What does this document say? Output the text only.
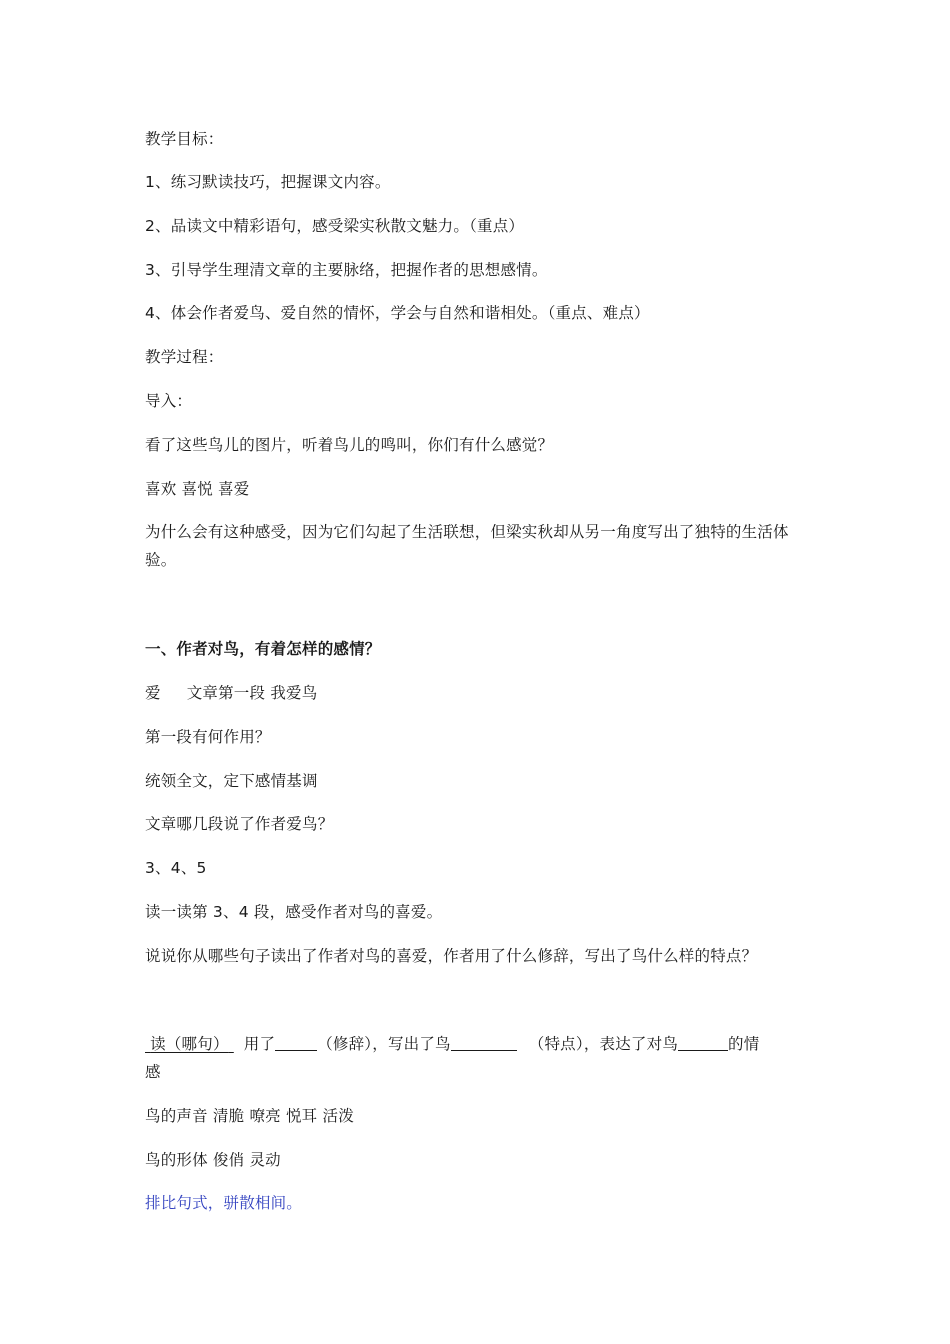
教学目标：
1、练习默读技巧，把握课文内容。
2、品读文中精彩语句，感受梁实秋散文魅力。（重点）
3、引导学生理清文章的主要脉络，把握作者的思想感情。
4、体会作者爱鸟、爱自然的情怀，学会与自然和谐相处。（重点、难点）
教学过程：
导入：
看了这些鸟儿的图片，听着鸟儿的鸣叫，你们有什么感觉？
喜欢 喜悦 喜爱
为什么会有这种感受，因为它们勾起了生活联想，但梁实秋却从另一角度写出了独特的生活体验。
一、作者对鸟，有着怎样的感情？
爱 文章第一段 我爱鸟
第一段有何作用？
统领全文，定下感情基调
文章哪几段说了作者爱鸟？
3、4、5
读一读第 3、4 段，感受作者对鸟的喜爱。
说说你从哪些句子读出了作者对鸟的喜爱，作者用了什么修辞，写出了鸟什么样的特点？
读（哪句） 用了	（修辞），写出了鸟	（特点），表达了对鸟	的情
感
鸟的声音 清脆 嘹亮 悦耳 活泼
鸟的形体 俊俏 灵动
排比句式，骈散相间。
